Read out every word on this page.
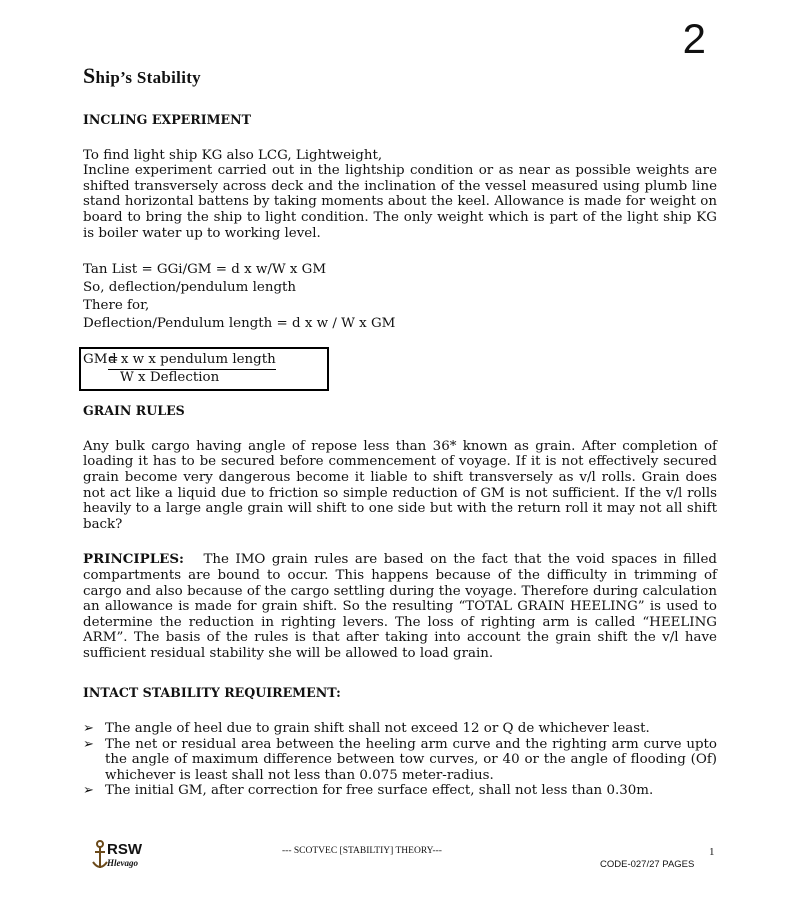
2
Ship’s Stability

INCLING EXPERIMENT

To find light ship KG also LCG, Lightweight,

Incline experiment carried out in the lightship condition or as near as possible weights are shifted transversely across deck and the inclination of the vessel measured using plumb line stand horizontal battens by taking moments about the keel. Allowance is made for weight on board to bring the ship to light condition. The only weight which is part of the light ship KG is boiler water up to working level.

Tan List = GGi/GM = d x w/W x GM

So, deflection/pendulum length

There for,

Deflection/Pendulum length = d x w / W x GM

GM=
d x w x pendulum length
W x Deflection

GRAIN RULES

Any bulk cargo having angle of repose less than 36* known as grain. After completion of loading it has to be secured before commencement of voyage. If it is not effectively secured grain become very dangerous become it liable to shift transversely as v/l rolls. Grain does not act like a liquid due to friction so simple reduction of GM is not sufficient. If the v/l rolls heavily to a large angle grain will shift to one side but with the return roll it may not all shift back?

PRINCIPLES: The IMO grain rules are based on the fact that the void spaces in filled compartments are bound to occur. This happens because of the difficulty in trimming of cargo and also because of the cargo settling during the voyage. Therefore during calculation an allowance is made for grain shift. So the resulting “TOTAL GRAIN HEELING” is used to determine the reduction in righting levers. The loss of righting arm is called “HEELING ARM”. The basis of the rules is that after taking into account the grain shift the v/l have sufficient residual stability she will be allowed to load grain.

INTACT STABILITY REQUIREMENT:

➢ The angle of heel due to grain shift shall not exceed 12 or Q de whichever least.
➢ The net or residual area between the heeling arm curve and the righting arm curve upto the angle of maximum difference between tow curves, or 40 or the angle of flooding (Of) whichever is least shall not less than 0.075 meter-radius.
➢ The initial GM, after correction for free surface effect, shall not less than 0.30m.
RSW
Hlevago
--- SCOTVEC [STABILTIY] THEORY---	1
CODE-027/27 PAGES
